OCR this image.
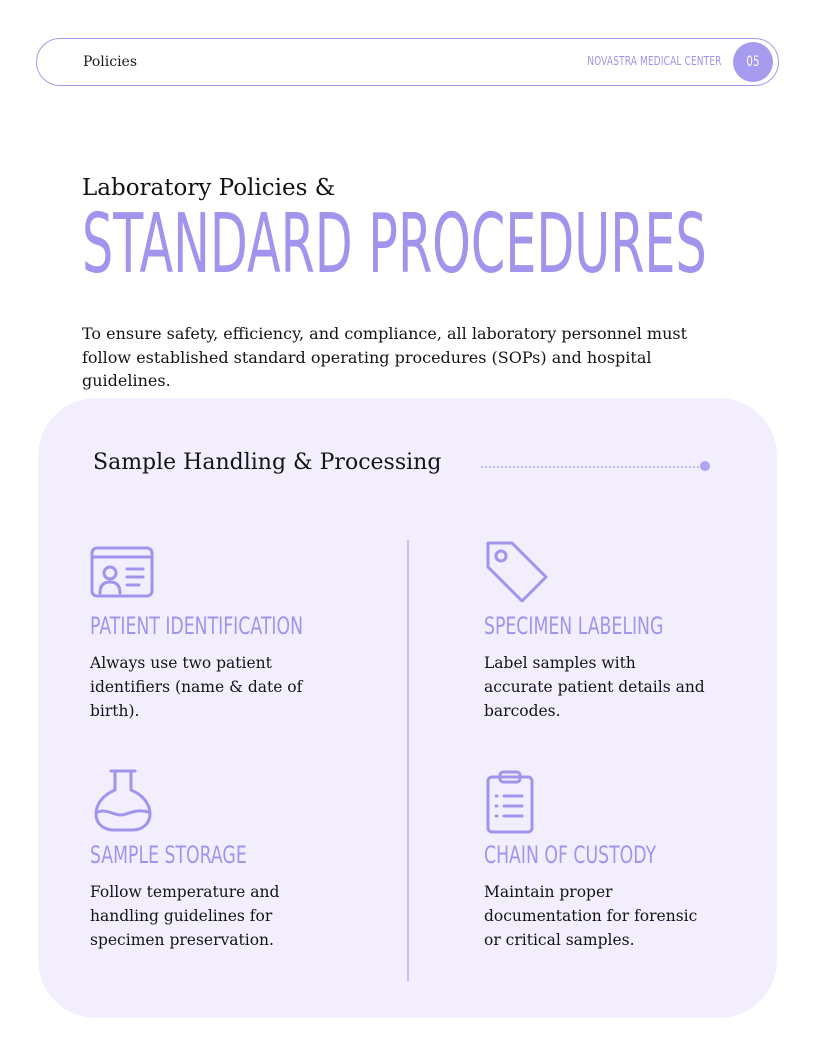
Policies	NOVASTRA MEDICAL CENTER 05
Laboratory Policies &
STANDARD PROCEDURES

To ensure safety, efficiency, and compliance, all laboratory personnel must follow established standard operating procedures (SOPs) and hospital guidelines.

Sample Handling & Processing
PATIENT IDENTIFICATION
Always use two patient identifiers (name & date of birth).
SPECIMEN LABELING
Label samples with accurate patient details and barcodes.
SAMPLE STORAGE
Follow temperature and handling guidelines for specimen preservation.
CHAIN OF CUSTODY
Maintain proper documentation for forensic or critical samples.
